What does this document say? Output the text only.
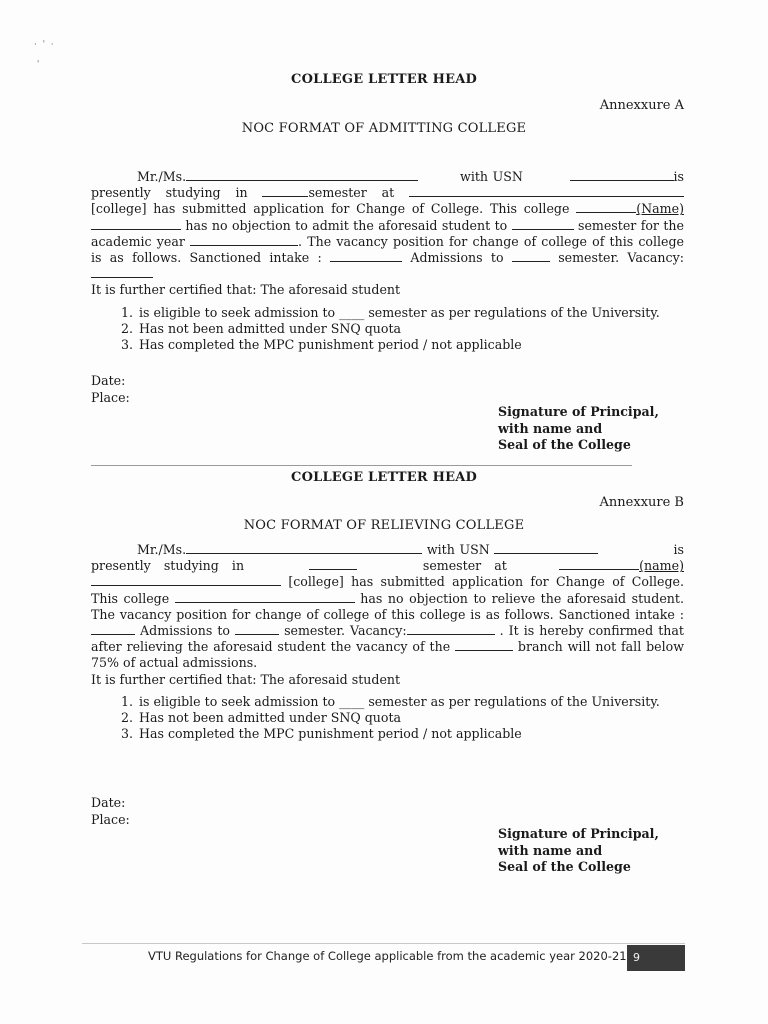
·  '  ·

'
COLLEGE LETTER HEAD
Annexxure A
NOC FORMAT OF ADMITTING COLLEGE

Mr./Ms.	with USN	is presently studying in	semester at  [college] has submitted application for Change of College. This college	(Name) has no objection to admit the aforesaid student to	semester for the academic year	. The vacancy position for change of college of this college is as follows. Sanctioned intake :	Admissions to	semester. Vacancy:

It is further certified that: The aforesaid student

1. is eligible to seek admission to ____ semester as per regulations of the University.
2. Has not been admitted under SNQ quota
3. Has completed the MPC punishment period / not applicable
Date:
Place:
Signature of Principal,
with name and
Seal of the College
COLLEGE LETTER HEAD
Annexxure B
NOC FORMAT OF RELIEVING COLLEGE

Mr./Ms.	with USN	is presently studying in	semester at	(name)  [college] has submitted application for Change of College. This college	has no objection to relieve the aforesaid student. The vacancy position for change of college of this college is as follows. Sanctioned intake :  Admissions to	semester. Vacancy:	. It is hereby confirmed that after relieving the aforesaid student the vacancy of the	branch will not fall below 75% of actual admissions.

It is further certified that: The aforesaid student

1. is eligible to seek admission to ____ semester as per regulations of the University.
2. Has not been admitted under SNQ quota
3. Has completed the MPC punishment period / not applicable
Date:
Place:
Signature of Principal,
with name and
Seal of the College
VTU Regulations for Change of College applicable from the academic year 2020-21 9
